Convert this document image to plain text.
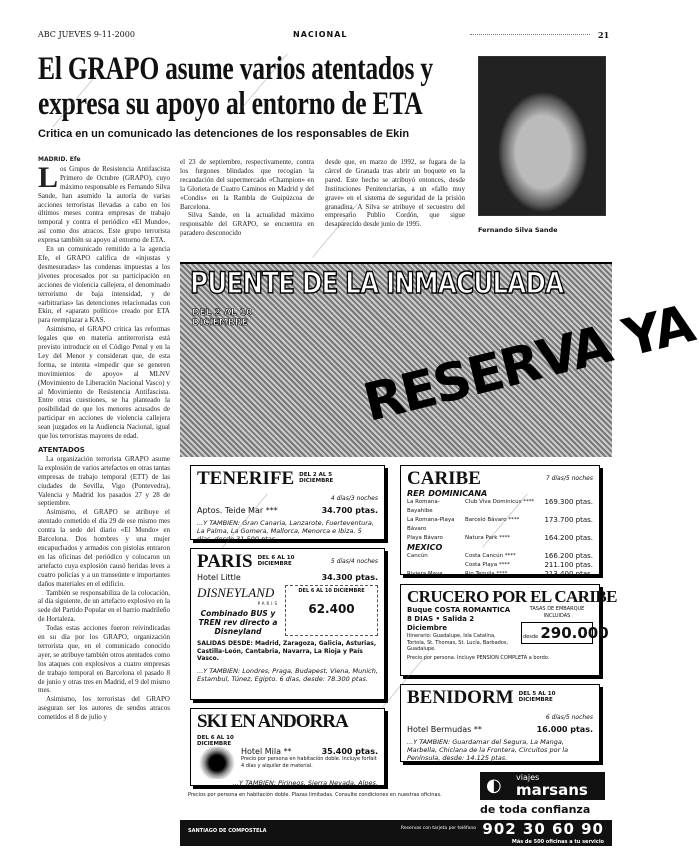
ABC JUEVES 9-11-2000	NACIONAL	21
Fernando Silva Sande
El GRAPO asume varios atentados y
expresa su apoyo al entorno de ETA
Critica en un comunicado las detenciones de los responsables de Ekin
MADRID. Efe
L os Grupos de Resistencia Antifascista Primero de Octubre (GRAPO), cuyo máximo responsable es Fernando Silva Sande, han asumido la autoría de varias acciones terroristas llevadas a cabo en los últimos meses contra empresas de trabajo temporal y contra el periódico «El Mundo», así como dos atracos. Este grupo terrorista expresa también su apoyo al entorno de ETA.

En un comunicado remitido a la agencia Efe, el GRAPO califica de «injustas y desmesuradas» las condenas impuestas a los jóvenes procesados por su participación en acciones de violencia callejera, el denominado terrorismo de baja intensidad, y de «arbitrarias» las detenciones relacionadas con Ekin, el «aparato político» creado por ETA para reemplazar a KAS.

Asimismo, el GRAPO critica las reformas legales que en materia antiterrorista está previsto introducir en el Código Penal y en la Ley del Menor y consideran que, de esta forma, se intenta «impedir que se generen movimientos de apoyo» al MLNV (Movimiento de Liberación Nacional Vasco) y al Movimiento de Resistencia Antifascista. Entre otras cuestiones, se ha planteado la posibilidad de que los menores acusados de participar en acciones de violencia callejera sean juzgados en la Audiencia Nacional, igual que los terroristas mayores de edad.

ATENTADOS

La organización terrorista GRAPO asume la explosión de varios artefactos en otras tantas empresas de trabajo temporal (ETT) de las ciudades de Sevilla, Vigo (Pontevedra), Valencia y Madrid los pasados 27 y 28 de septiembre.

Asimismo, el GRAPO se atribuye el atentado cometido el día 29 de ese mismo mes contra la sede del diario «El Mundo» en Barcelona. Dos hombres y una mujer encapuchados y armados con pistolas entraron en las oficinas del periódico y colocaron un artefacto cuya explosión causó heridas leves a cuatro policías y a un transeúnte e importantes daños materiales en el edificio.

También se responsabiliza de la colocación, al día siguiente, de un artefacto explosivo en la sede del Partido Popular en el barrio madrileño de Hortaleza.

Todas estas acciones fueron reivindicadas en su día por los GRAPO, organización terrorista que, en el comunicado conocido ayer, se atribuye también otros atentados como los ataques con explosivos a cuatro empresas de trabajo temporal en Barcelona el pasado 8 de junio y otras tres en Madrid, el 9 del mismo mes.

Asimismo, los terroristas del GRAPO aseguran ser los autores de sendos atracos cometidos el 8 de julio y

el 23 de septiembre, respectivamente, contra los furgones blindados que recogían la recaudación del supermercado «Champion» en la Glorieta de Cuatro Caminos en Madrid y del «Condis» en la Rambla de Guipúzcoa de Barcelona.

Silva Sande, en la actualidad máximo responsable del GRAPO, se encuentra en paradero desconocido

desde que, en marzo de 1992, se fugara de la cárcel de Granada tras abrir un boquete en la pared. Este hecho se atribuyó entonces, desde Instituciones Penitenciarias, a un «fallo muy grave» en el sistema de seguridad de la prisión granadina. A Silva se atribuye el secuestro del empresario Publio Cordón, que sigue desaparecido desde junio de 1995.
PUENTE DE LA INMACULADA
DEL 2 AL 10
DICIEMBRE RESERVA YA
TENERIFE DEL 2 AL 5
DICIEMBRE
4 días/3 noches
Aptos. Teide Mar ***	34.700 ptas.
...Y TAMBIEN: Gran Canaria, Lanzarote, Fuerteventura, La Palma, La Gomera, Mallorca, Menorca e Ibiza. 5 días, desde 31.500 ptas.
PARIS DEL 6 AL 10
DICIEMBRE	5 días/4 noches
Hotel Little	34.300 ptas.
DISNEYLAND
PARIS
Combinado BUS y TREN rev directo a Disneyland
DEL 6 AL 10 DICIEMBRE
62.400
SALIDAS DESDE: Madrid, Zaragoza, Galicia, Asturias, Castilla-León, Cantabria, Navarra, La Rioja y País Vasco.
...Y TAMBIEN: Londres, Praga, Budapest, Viena, Munich, Estambul, Túnez, Egipto. 6 días, desde: 78.300 ptas.
SKI EN ANDORRA
DEL 6 AL 10
DICIEMBRE
Hotel Mila **	35.400 ptas.
Precio por persona en habitación doble. Incluye forfait 4 días y alquiler de material.
...Y TAMBIEN: Pirineos, Sierra Nevada, Alpes.
CARIBE	7 días/5 noches
REP. DOMINICANA
La Romana-Bayahibe
Club Viva Dominicus ****	169.300 ptas.
La Romana-Playa Bávaro
Barceló Bávaro ****	173.700 ptas.
Playa Bávaro	Natura Park ****	164.200 ptas.
MEXICO
Cancún	Costa Cancún ****	166.200 ptas.
Costa Playa ****	211.100 ptas.
Riviera Maya	Rio Tequila ****	213.400 ptas.
CRUCERO POR EL CARIBE
Buque COSTA ROMANTICA
8 DIAS • Salida 2 Diciembre
Itinerario: Guadalupe, Isla Catalina, Tortola, St. Thomas, St. Lucía, Barbados, Guadalupe.
TASAS DE EMBARQUE INCLUIDAS
desde 290.000
Precio por persona. Incluye PENSION COMPLETA a bordo.
BENIDORM DEL 5 AL 10
DICIEMBRE
6 días/5 noches
Hotel Bermudas **	16.000 ptas.
...Y TAMBIEN: Guardamar del Segura, La Manga, Marbella, Chiclana de la Frontera, Circuitos por la Península, desde: 14.125 ptas.
Precios por persona en habitación doble. Plazas limitadas. Consulte condiciones en nuestras oficinas. ◐ viajes
marsans
de toda confianza
SANTIAGO DE COMPOSTELA	Reservas con tarjeta por teléfono 902 30 60 90
Más de 500 oficinas a tu servicio
